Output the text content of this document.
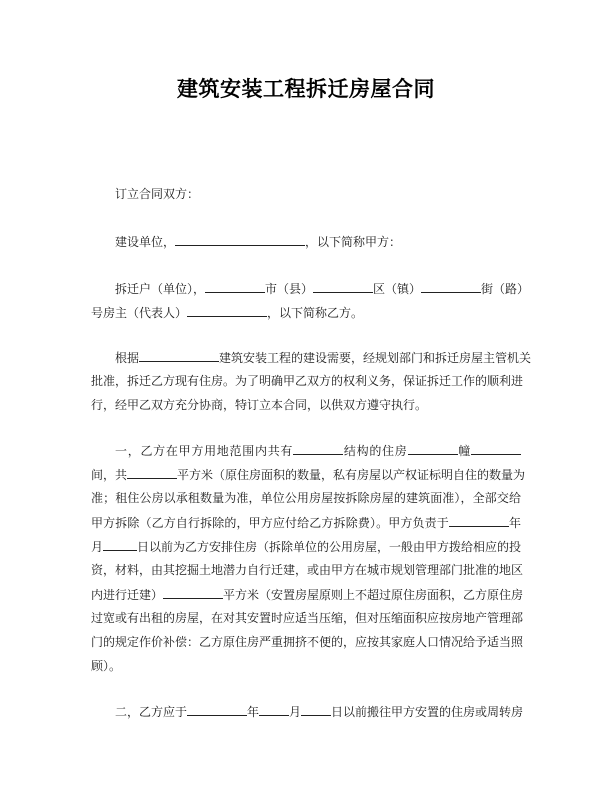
建筑安装工程拆迁房屋合同
订立合同双方：
建设单位，	，以下简称甲方：
拆迁户（单位），	市（县）	区（镇）	街（路）
号房主（代表人）	，以下简称乙方。
根据	建筑安装工程的建设需要，经规划部门和拆迁房屋主管机关
批准，拆迁乙方现有住房。为了明确甲乙双方的权利义务，保证拆迁工作的顺利进
行，经甲乙双方充分协商，特订立本合同，以供双方遵守执行。
一，乙方在甲方用地范围内共有	结构的住房	幢
间，共	平方米（原住房面积的数量，私有房屋以产权证标明自住的数量为
准；租住公房以承租数量为准，单位公用房屋按拆除房屋的建筑面准），全部交给
甲方拆除（乙方自行拆除的，甲方应付给乙方拆除费）。甲方负责于	年
月	日以前为乙方安排住房（拆除单位的公用房屋，一般由甲方拨给相应的投
资，材料，由其挖掘土地潜力自行迁建，或由甲方在城市规划管理部门批准的地区
内进行迁建）	平方米（安置房屋原则上不超过原住房面积，乙方原住房
过宽或有出租的房屋，在对其安置时应适当压缩，但对压缩面积应按房地产管理部
门的规定作价补偿：乙方原住房严重拥挤不便的，应按其家庭人口情况给予适当照
顾）。
二，乙方应于	年	月	日以前搬往甲方安置的住房或周转房
